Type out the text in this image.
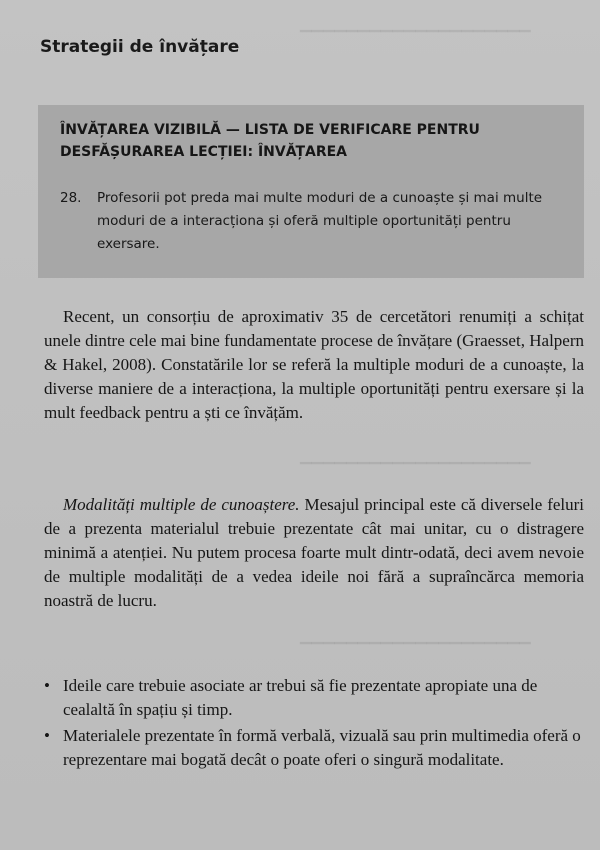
▔▔▔▔▔▔▔▔▔▔▔▔▔▔▔▔▔▔▔▔
▔▔▔▔▔▔▔▔▔▔▔▔▔▔▔▔▔▔▔▔
▔▔▔▔▔▔▔▔▔▔▔▔▔▔▔▔▔▔▔▔
▔▔▔▔▔▔▔▔▔▔▔▔▔▔▔▔▔▔▔▔
Strategii de învățare
ÎNVĂȚAREA VIZIBILĂ — LISTA DE VERIFICARE PENTRU DESFĂȘURAREA LECȚIEI: ÎNVĂȚAREA
28.	Profesorii pot preda mai multe moduri de a cunoaște și mai multe moduri de a interacționa și oferă multiple oportunități pentru exersare.

Recent, un consorțiu de aproximativ 35 de cercetători renumiți a schițat unele dintre cele mai bine fundamentate procese de învățare (Graesset, Halpern & Hakel, 2008). Constatările lor se referă la multiple moduri de a cunoaște, la diverse maniere de a interacționa, la multiple oportunități pentru exersare și la mult feedback pentru a ști ce învățăm.

Modalități multiple de cunoaștere. Mesajul principal este că diversele feluri de a prezenta materialul trebuie prezentate cât mai unitar, cu o distragere minimă a atenției. Nu putem procesa foarte mult dintr-odată, deci avem nevoie de multiple modalități de a vedea ideile noi fără a supraîncărca memoria noastră de lucru.

• Ideile care trebuie asociate ar trebui să fie prezentate apropiate una de cealaltă în spațiu și timp.
• Materialele prezentate în formă verbală, vizuală sau prin multimedia oferă o reprezentare mai bogată decât o poate oferi o singură modalitate.
